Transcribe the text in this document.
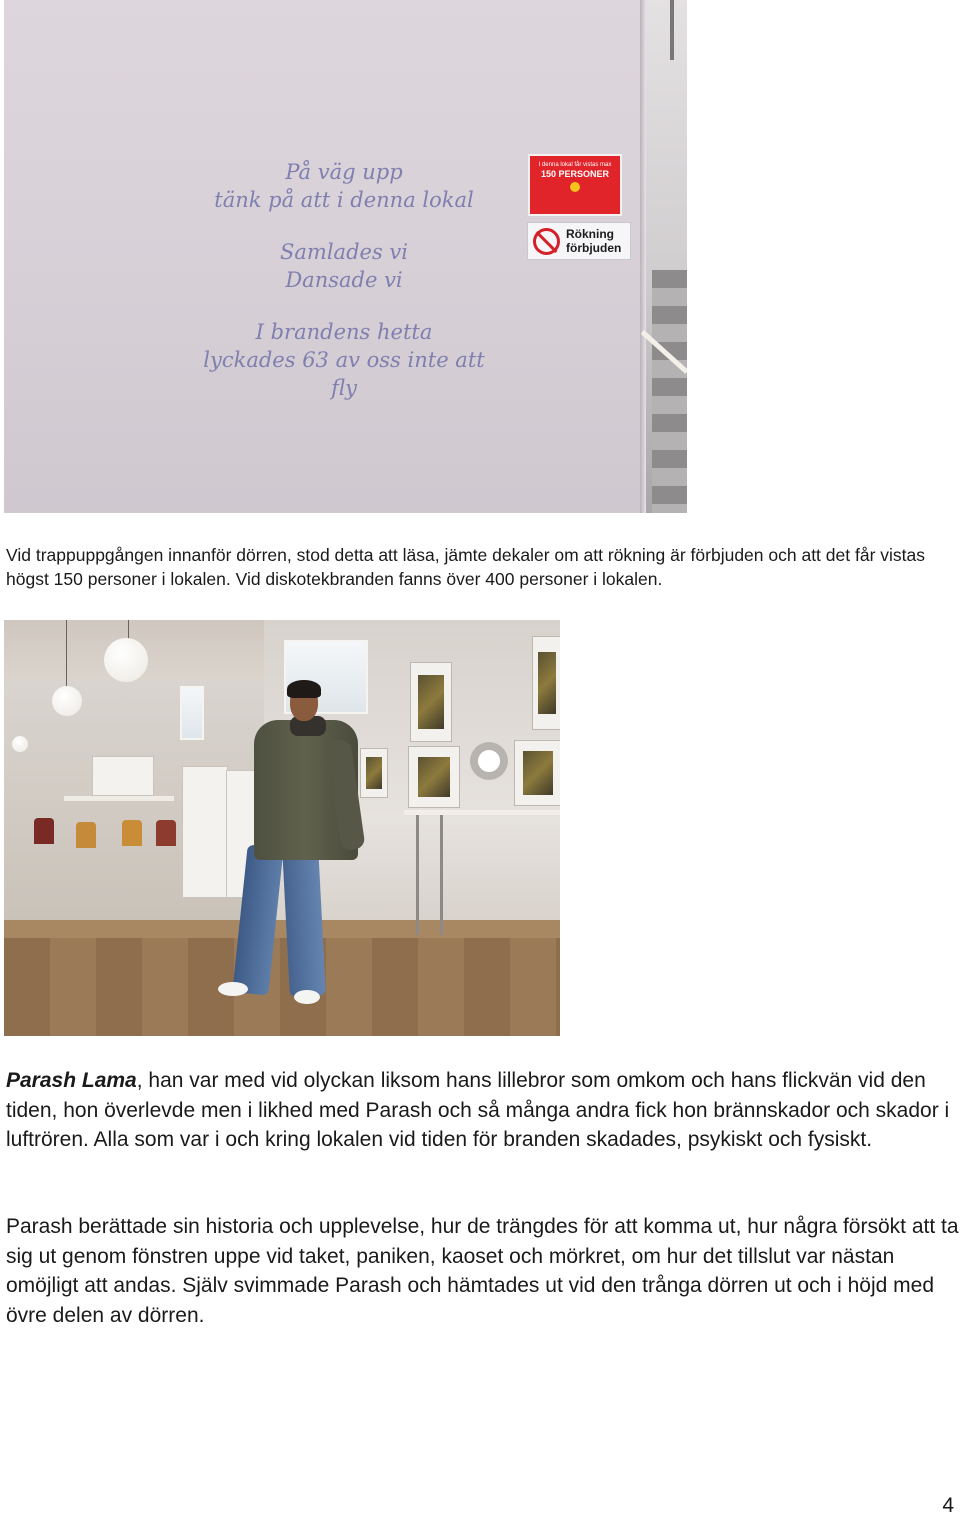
På väg upp
tänk på att i denna lokal
Samlades vi
Dansade vi
I brandens hetta
lyckades 63 av oss inte att fly
I denna lokal får vistas max
150 PERSONER
Rökning
förbjuden

Vid trappuppgången innanför dörren, stod detta att läsa, jämte dekaler om att rökning är förbjuden och att det får vistas högst 150 personer i lokalen. Vid diskotekbranden fanns över 400 personer i lokalen.

Parash Lama, han var med vid olyckan liksom hans lillebror som omkom och hans flickvän vid den tiden, hon överlevde men i likhed med Parash och så många andra fick hon brännskador och skador i luftrören. Alla som var i och kring lokalen vid tiden för branden skadades, psykiskt och fysiskt.

Parash berättade sin historia och upplevelse, hur de trängdes för att komma ut, hur några försökt att ta sig ut genom fönstren uppe vid taket, paniken, kaoset och mörkret, om hur det tillslut var nästan omöjligt att andas. Själv svimmade Parash och hämtades ut vid den trånga dörren ut och i höjd med övre delen av dörren.

4
